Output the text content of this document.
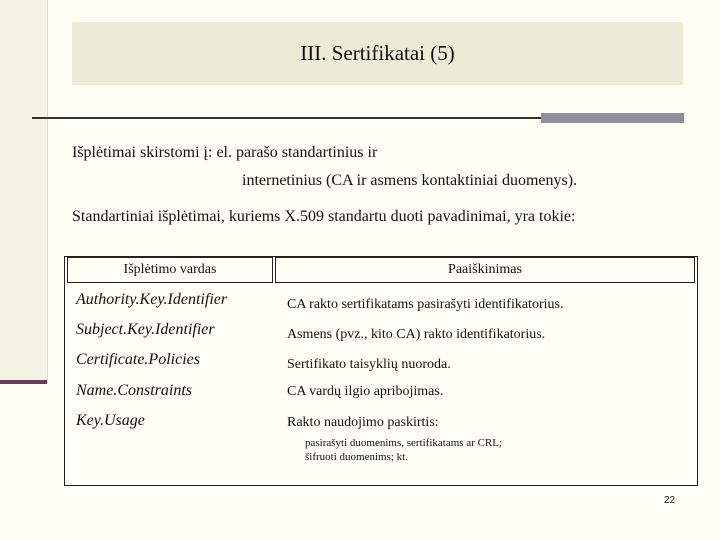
III. Sertifikatai (5)
Išplėtimai skirstomi į: el. parašo standartinius ir
internetinius (CA ir asmens kontaktiniai duomenys).
Standartiniai išplėtimai, kuriems X.509 standartu duoti pavadinimai, yra tokie:
Išplėtimo vardas	Paaiškinimas
Authority.Key.Identifier	CA rakto sertifikatams pasirašyti identifikatorius.
Subject.Key.Identifier	Asmens (pvz., kito CA) rakto identifikatorius.
Certificate.Policies	Sertifikato taisyklių nuoroda.
Name.Constraints	CA vardų ilgio apribojimas.
Key.Usage	Rakto naudojimo paskirtis:
pasirašyti duomenims, sertifikatams ar CRL;
šifruoti duomenims; kt.
22
